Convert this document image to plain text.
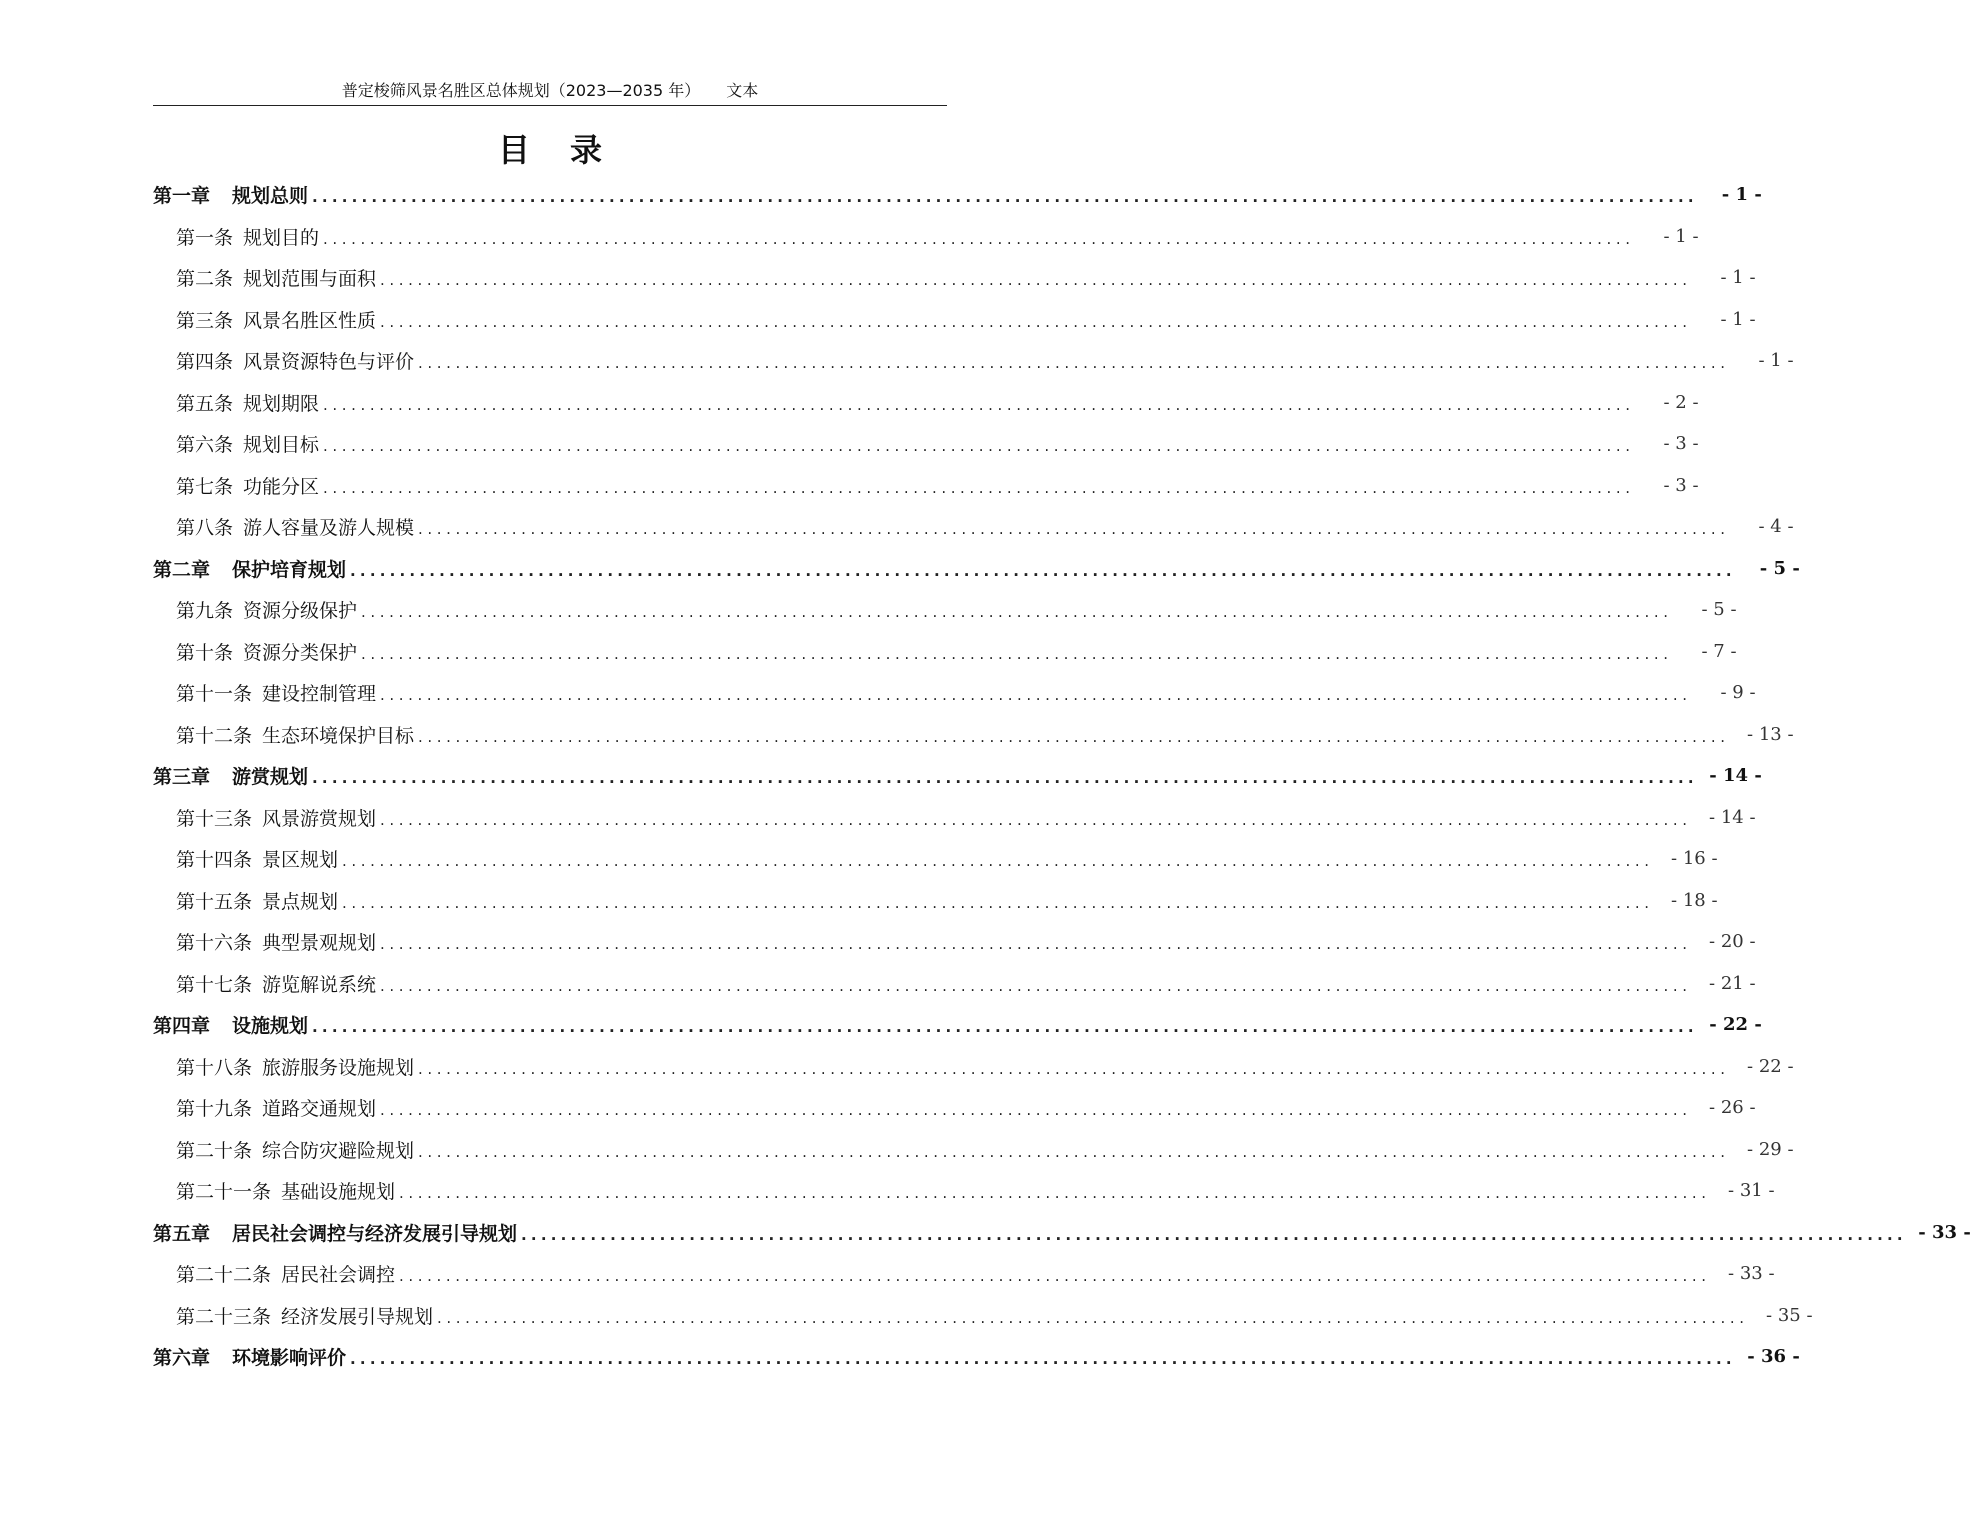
普定梭筛风景名胜区总体规划（2023—2035 年） 文本
目 录
第一章 规划总则 ............................................................................................................................................	- 1 -
第一条 规划目的 ............................................................................................................................................	- 1 -
第二条 规划范围与面积 ............................................................................................................................................	- 1 -
第三条 风景名胜区性质 ............................................................................................................................................	- 1 -
第四条 风景资源特色与评价 ............................................................................................................................................	- 1 -
第五条 规划期限 ............................................................................................................................................	- 2 -
第六条 规划目标 ............................................................................................................................................	- 3 -
第七条 功能分区 ............................................................................................................................................	- 3 -
第八条 游人容量及游人规模 ............................................................................................................................................	- 4 -
第二章 保护培育规划 ............................................................................................................................................	- 5 -
第九条 资源分级保护 ............................................................................................................................................	- 5 -
第十条 资源分类保护 ............................................................................................................................................	- 7 -
第十一条 建设控制管理 ............................................................................................................................................	- 9 -
第十二条 生态环境保护目标 ............................................................................................................................................ - 13 -
第三章 游赏规划 ............................................................................................................................................ - 14 -
第十三条 风景游赏规划 ............................................................................................................................................ - 14 -
第十四条 景区规划 ............................................................................................................................................ - 16 -
第十五条 景点规划 ............................................................................................................................................ - 18 -
第十六条 典型景观规划 ............................................................................................................................................ - 20 -
第十七条 游览解说系统 ............................................................................................................................................ - 21 -
第四章 设施规划 ............................................................................................................................................ - 22 -
第十八条 旅游服务设施规划 ............................................................................................................................................ - 22 -
第十九条 道路交通规划 ............................................................................................................................................ - 26 -
第二十条 综合防灾避险规划 ............................................................................................................................................ - 29 -
第二十一条 基础设施规划 ............................................................................................................................................ - 31 -
第五章 居民社会调控与经济发展引导规划 ............................................................................................................................................ - 33 -
第二十二条 居民社会调控 ............................................................................................................................................ - 33 -
第二十三条 经济发展引导规划 ............................................................................................................................................ - 35 -
第六章 环境影响评价 ............................................................................................................................................ - 36 -
